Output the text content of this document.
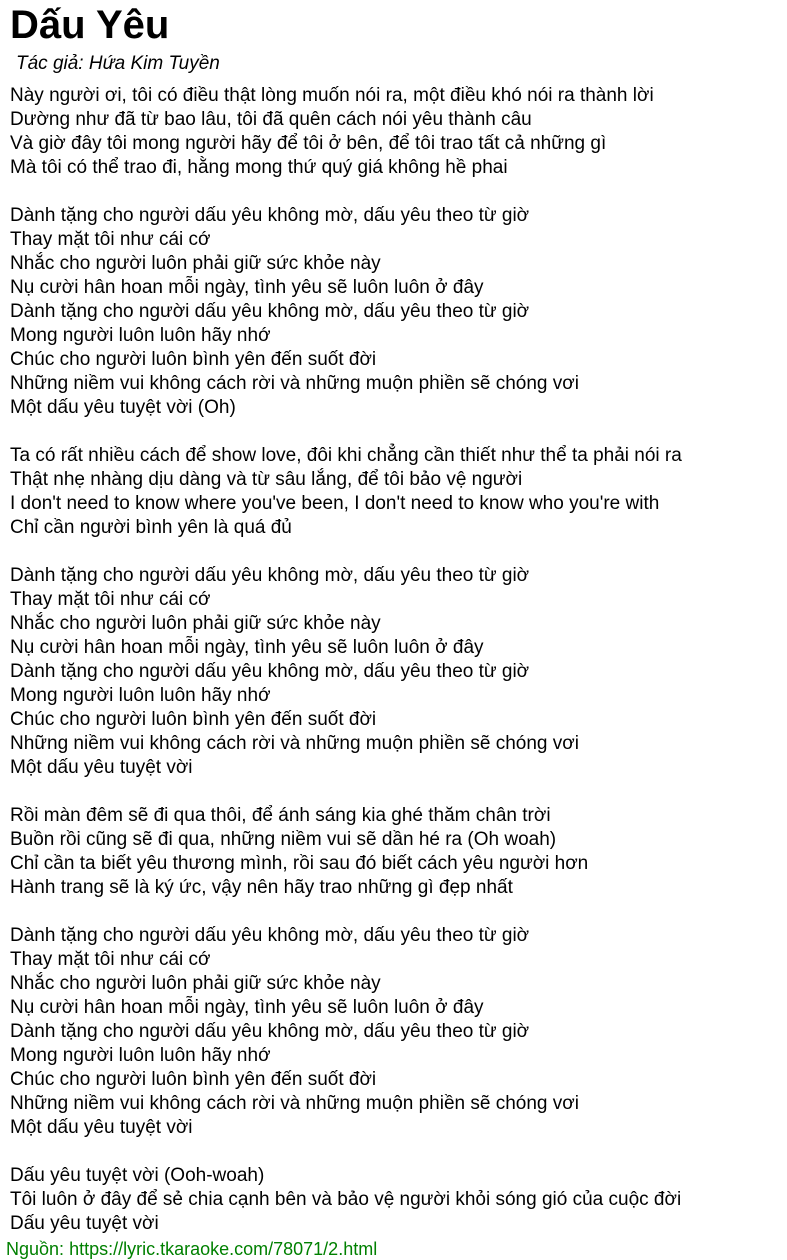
Dấu Yêu
Tác giả: Hứa Kim Tuyền
Này người ơi, tôi có điều thật lòng muốn nói ra, một điều khó nói ra thành lời
Dường như đã từ bao lâu, tôi đã quên cách nói yêu thành câu
Và giờ đây tôi mong người hãy để tôi ở bên, để tôi trao tất cả những gì
Mà tôi có thể trao đi, hằng mong thứ quý giá không hề phai
Dành tặng cho người dấu yêu không mờ, dấu yêu theo từ giờ
Thay mặt tôi như cái cớ
Nhắc cho người luôn phải giữ sức khỏe này
Nụ cười hân hoan mỗi ngày, tình yêu sẽ luôn luôn ở đây
Dành tặng cho người dấu yêu không mờ, dấu yêu theo từ giờ
Mong người luôn luôn hãy nhớ
Chúc cho người luôn bình yên đến suốt đời
Những niềm vui không cách rời và những muộn phiền sẽ chóng vơi
Một dấu yêu tuyệt vời (Oh)
Ta có rất nhiều cách để show love, đôi khi chẳng cần thiết như thể ta phải nói ra
Thật nhẹ nhàng dịu dàng và từ sâu lắng, để tôi bảo vệ người
I don't need to know where you've been, I don't need to know who you're with
Chỉ cần người bình yên là quá đủ
Dành tặng cho người dấu yêu không mờ, dấu yêu theo từ giờ
Thay mặt tôi như cái cớ
Nhắc cho người luôn phải giữ sức khỏe này
Nụ cười hân hoan mỗi ngày, tình yêu sẽ luôn luôn ở đây
Dành tặng cho người dấu yêu không mờ, dấu yêu theo từ giờ
Mong người luôn luôn hãy nhớ
Chúc cho người luôn bình yên đến suốt đời
Những niềm vui không cách rời và những muộn phiền sẽ chóng vơi
Một dấu yêu tuyệt vời
Rồi màn đêm sẽ đi qua thôi, để ánh sáng kia ghé thăm chân trời
Buồn rồi cũng sẽ đi qua, những niềm vui sẽ dần hé ra (Oh woah)
Chỉ cần ta biết yêu thương mình, rồi sau đó biết cách yêu người hơn
Hành trang sẽ là ký ức, vậy nên hãy trao những gì đẹp nhất
Dành tặng cho người dấu yêu không mờ, dấu yêu theo từ giờ
Thay mặt tôi như cái cớ
Nhắc cho người luôn phải giữ sức khỏe này
Nụ cười hân hoan mỗi ngày, tình yêu sẽ luôn luôn ở đây
Dành tặng cho người dấu yêu không mờ, dấu yêu theo từ giờ
Mong người luôn luôn hãy nhớ
Chúc cho người luôn bình yên đến suốt đời
Những niềm vui không cách rời và những muộn phiền sẽ chóng vơi
Một dấu yêu tuyệt vời
Dấu yêu tuyệt vời (Ooh-woah)
Tôi luôn ở đây để sẻ chia cạnh bên và bảo vệ người khỏi sóng gió của cuộc đời
Dấu yêu tuyệt vời
Nguồn: https://lyric.tkaraoke.com/78071/2.html
